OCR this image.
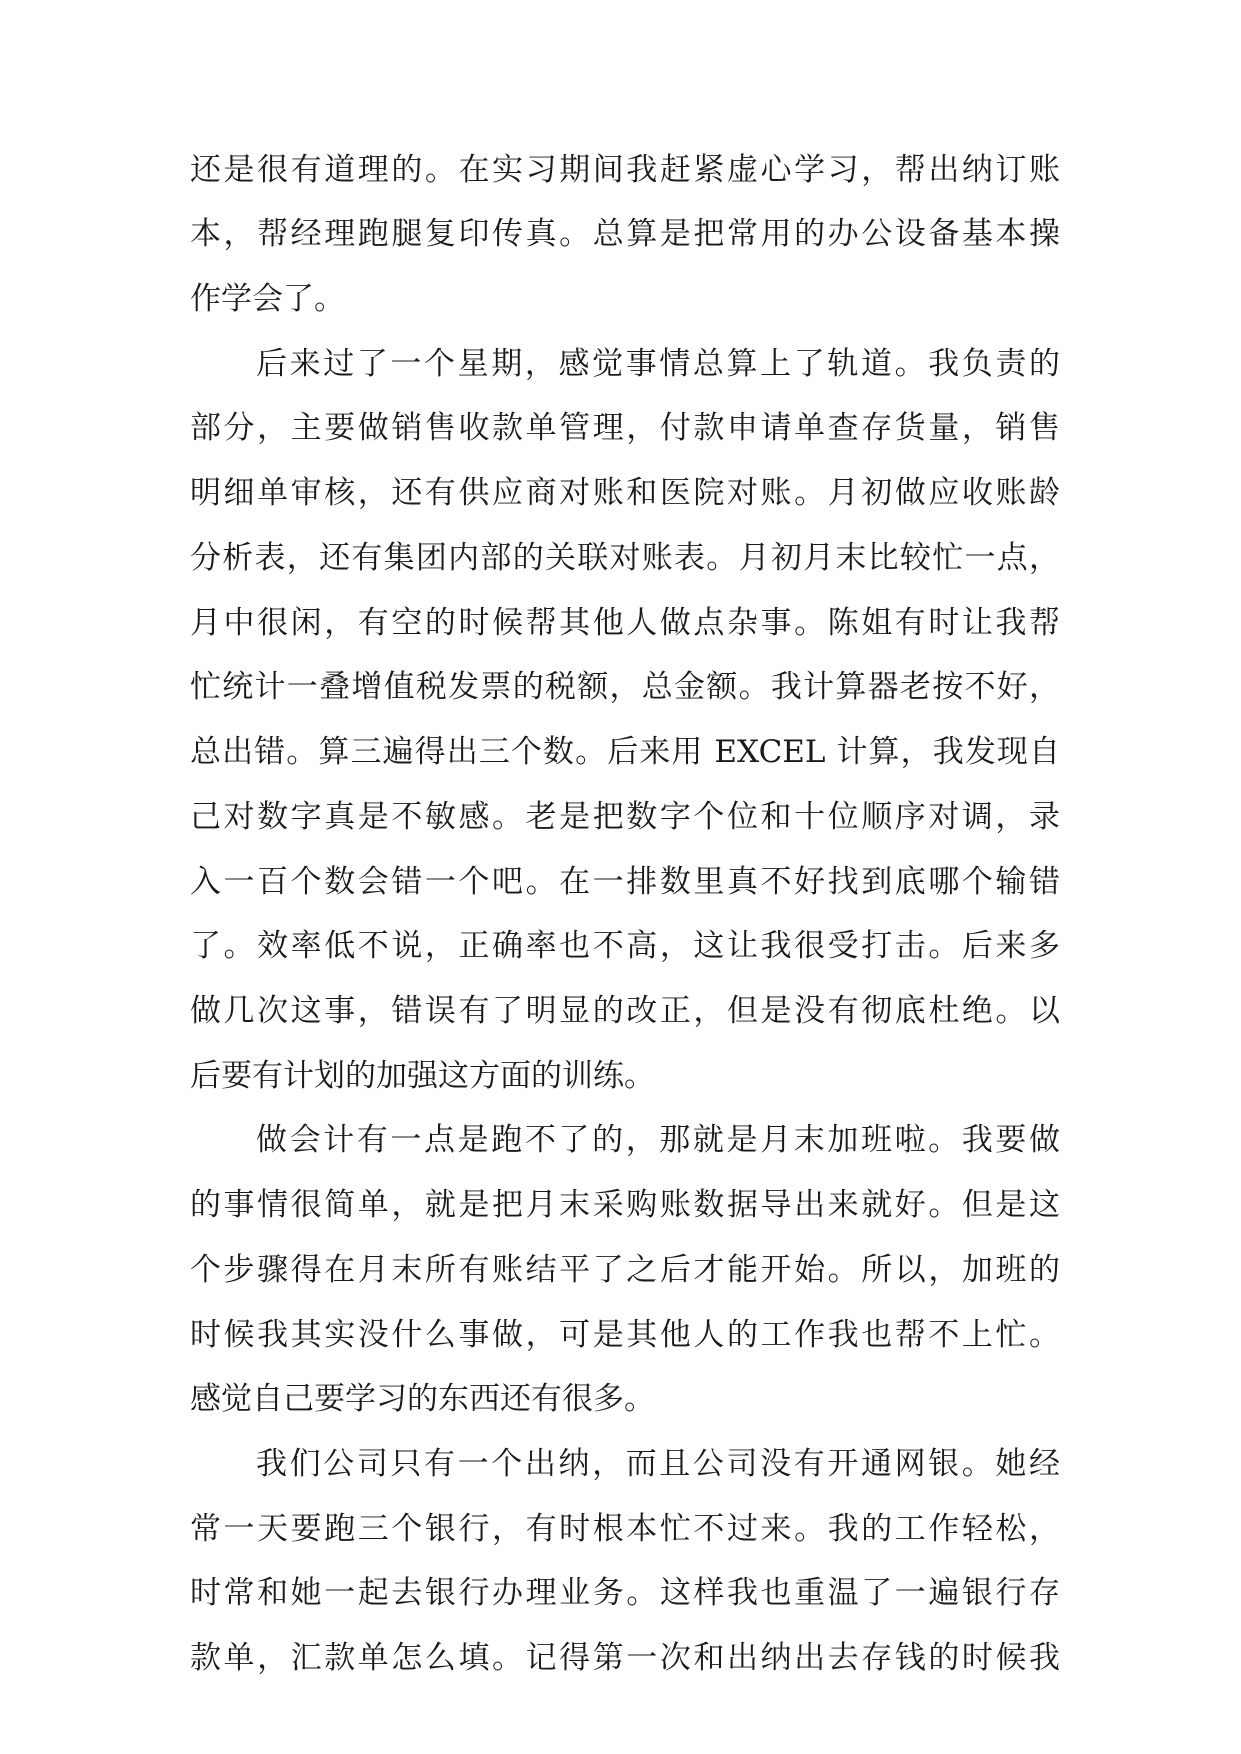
还是很有道理的。在实习期间我赶紧虚心学习，帮出纳订账
本，帮经理跑腿复印传真。总算是把常用的办公设备基本操
作学会了。
后来过了一个星期，感觉事情总算上了轨道。我负责的
部分，主要做销售收款单管理，付款申请单查存货量，销售
明细单审核，还有供应商对账和医院对账。月初做应收账龄
分析表，还有集团内部的关联对账表。月初月末比较忙一点，
月中很闲，有空的时候帮其他人做点杂事。陈姐有时让我帮
忙统计一叠增值税发票的税额，总金额。我计算器老按不好，
总出错。算三遍得出三个数。后来用 EXCEL 计算，我发现自
己对数字真是不敏感。老是把数字个位和十位顺序对调，录
入一百个数会错一个吧。在一排数里真不好找到底哪个输错
了。效率低不说，正确率也不高，这让我很受打击。后来多
做几次这事，错误有了明显的改正，但是没有彻底杜绝。以
后要有计划的加强这方面的训练。
做会计有一点是跑不了的，那就是月末加班啦。我要做
的事情很简单，就是把月末采购账数据导出来就好。但是这
个步骤得在月末所有账结平了之后才能开始。所以，加班的
时候我其实没什么事做，可是其他人的工作我也帮不上忙。
感觉自己要学习的东西还有很多。
我们公司只有一个出纳，而且公司没有开通网银。她经
常一天要跑三个银行，有时根本忙不过来。我的工作轻松，
时常和她一起去银行办理业务。这样我也重温了一遍银行存
款单，汇款单怎么填。记得第一次和出纳出去存钱的时候我
